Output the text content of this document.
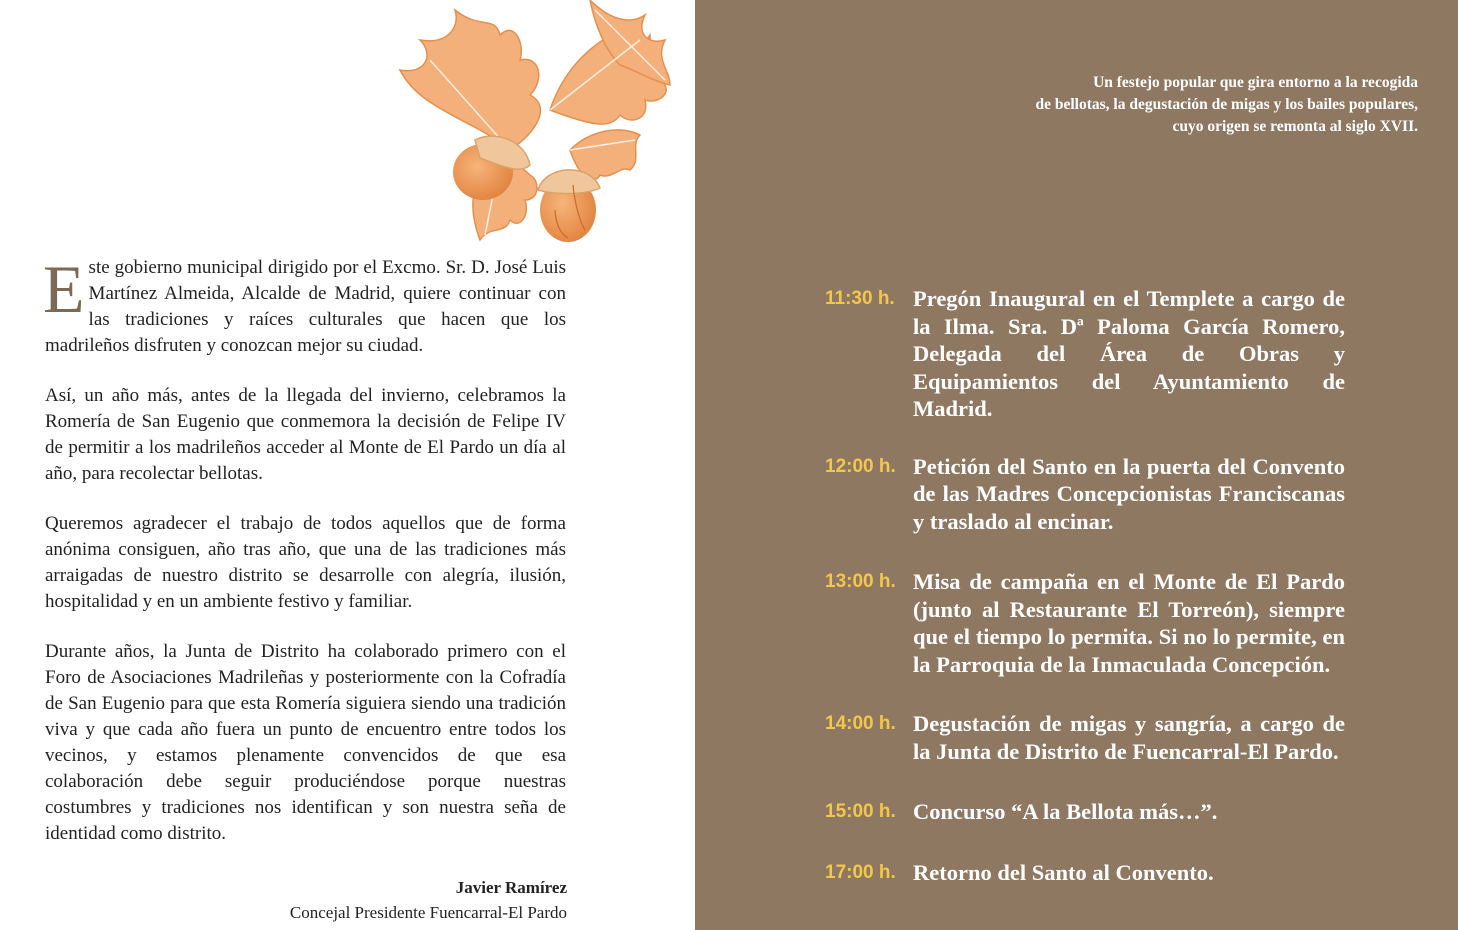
Este gobierno municipal dirigido por el Excmo. Sr. D. José Luis Martínez Almeida, Alcalde de Madrid, quiere continuar con las tradiciones y raíces culturales que hacen que los madrileños disfruten y conozcan mejor su ciudad.

Así, un año más, antes de la llegada del invierno, celebramos la Romería de San Eugenio que conmemora la decisión de Felipe IV de permitir a los madrileños acceder al Monte de El Pardo un día al año, para recolectar bellotas.

Queremos agradecer el trabajo de todos aquellos que de forma anónima consiguen, año tras año, que una de las tradiciones más arraigadas de nuestro distrito se desarrolle con alegría, ilusión, hospitalidad y en un ambiente festivo y familiar.

Durante años, la Junta de Distrito ha colaborado primero con el Foro de Asociaciones Madrileñas y posteriormente con la Cofradía de San Eugenio para que esta Romería siguiera siendo una tradición viva y que cada año fuera un punto de encuentro entre todos los vecinos, y estamos plenamente convencidos de que esa colaboración debe seguir produciéndose porque nuestras costumbres y tradiciones nos identifican y son nuestra seña de identidad como distrito.

Javier Ramírez
Concejal Presidente Fuencarral-El Pardo
Un festejo popular que gira entorno a la recogida
de bellotas, la degustación de migas y los bailes populares,
cuyo origen se remonta al siglo XVII.
11:30 h. Pregón Inaugural en el Templete a cargo de la Ilma. Sra. Dª Paloma García Romero, Delegada del Área de Obras y Equipamientos del Ayuntamiento de Madrid.
12:00 h. Petición del Santo en la puerta del Convento de las Madres Concepcionistas Franciscanas y traslado al encinar.
13:00 h. Misa de campaña en el Monte de El Pardo (junto al Restaurante El Torreón), siempre que el tiempo lo permita. Si no lo permite, en la Parroquia de la Inmaculada Concepción.
14:00 h. Degustación de migas y sangría, a cargo de la Junta de Distrito de Fuencarral-El Pardo.
15:00 h. Concurso “A la Bellota más…”.
17:00 h. Retorno del Santo al Convento.
